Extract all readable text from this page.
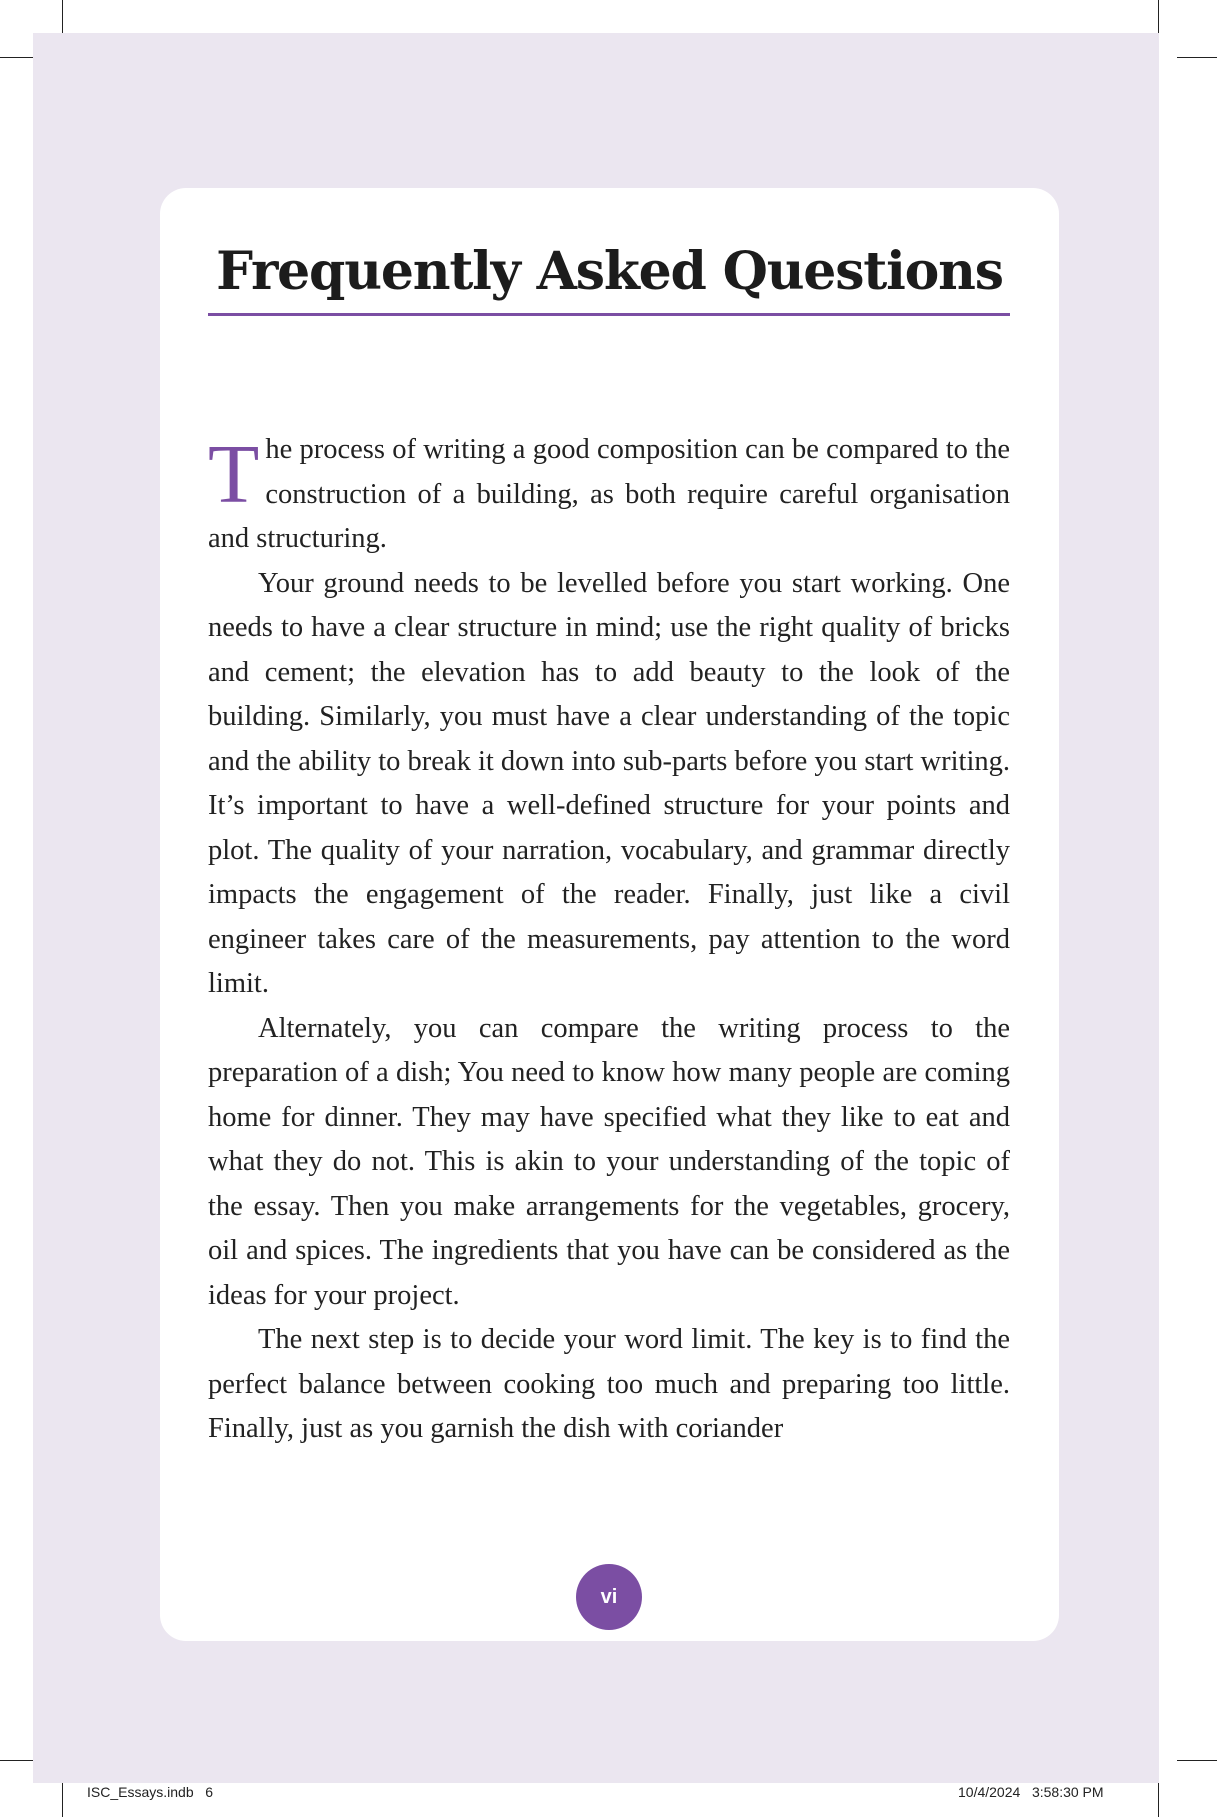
Frequently Asked Questions

The process of writing a good composition can be compared to the construction of a building, as both require careful organisation and structuring.

Your ground needs to be levelled before you start working. One needs to have a clear structure in mind; use the right quality of bricks and cement; the elevation has to add beauty to the look of the building. Similarly, you must have a clear understanding of the topic and the ability to break it down into sub-parts before you start writing. It’s important to have a well-defined structure for your points and plot. The quality of your narration, vocabulary, and grammar directly impacts the engagement of the reader. Finally, just like a civil engineer takes care of the measurements, pay attention to the word limit.

Alternately, you can compare the writing process to the preparation of a dish; You need to know how many people are coming home for dinner. They may have specified what they like to eat and what they do not. This is akin to your understanding of the topic of the essay. Then you make arrangements for the vegetables, grocery, oil and spices. The ingredients that you have can be considered as the ideas for your project.

The next step is to decide your word limit. The key is to find the perfect balance between cooking too much and preparing too little. Finally, just as you garnish the dish with coriander

vi
ISC_Essays.indb   6	10/4/2024   3:58:30 PM
